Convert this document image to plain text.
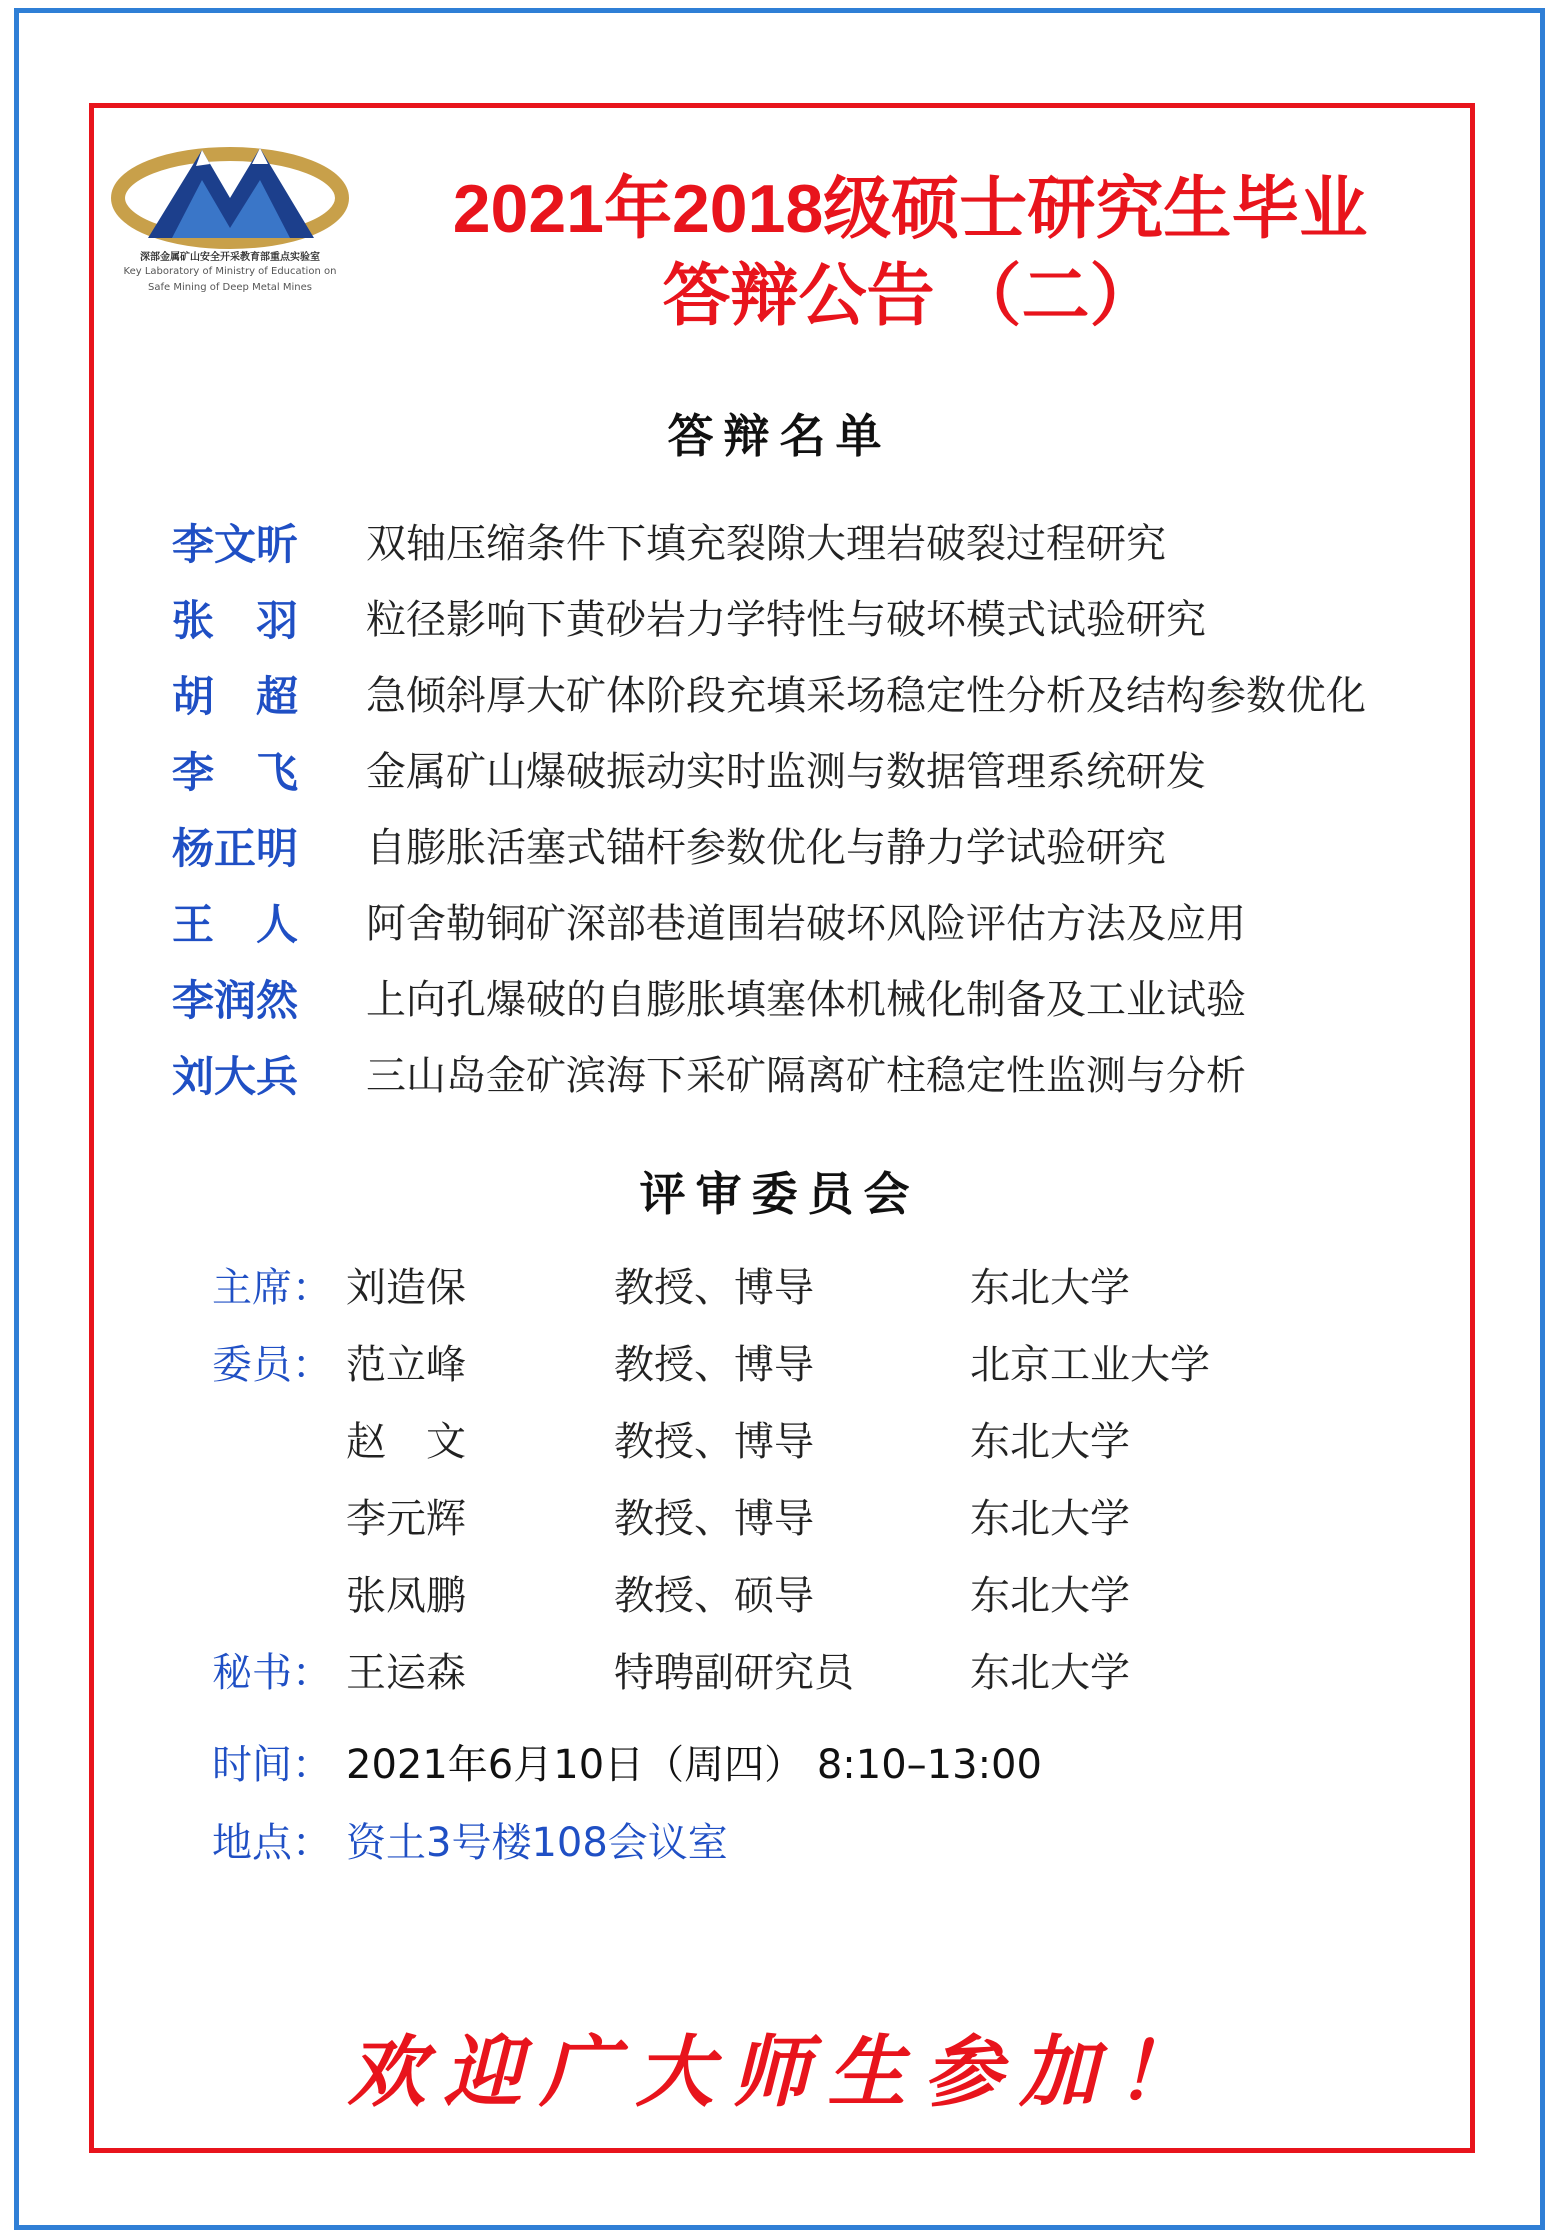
深部金属矿山安全开采教育部重点实验室
Key Laboratory of Ministry of Education on
Safe Mining of Deep Metal Mines
2021年2018级硕士研究生毕业
答辩公告 （二）
答辩名单
李文昕 双轴压缩条件下填充裂隙大理岩破裂过程研究
张　羽 粒径影响下黄砂岩力学特性与破坏模式试验研究
胡　超 急倾斜厚大矿体阶段充填采场稳定性分析及结构参数优化
李　飞 金属矿山爆破振动实时监测与数据管理系统研发
杨正明 自膨胀活塞式锚杆参数优化与静力学试验研究
王　人 阿舍勒铜矿深部巷道围岩破坏风险评估方法及应用
李润然 上向孔爆破的自膨胀填塞体机械化制备及工业试验
刘大兵 三山岛金矿滨海下采矿隔离矿柱稳定性监测与分析
评审委员会
主席： 刘造保	教授、博导	东北大学
委员： 范立峰	教授、博导	北京工业大学
赵　文	教授、博导	东北大学
李元辉	教授、博导	东北大学
张凤鹏	教授、硕导	东北大学
秘书： 王运森	特聘副研究员	东北大学
时间： 2021年6月10日（周四） 8:10–13:00
地点： 资土3号楼108会议室
欢迎广大师生参加！
